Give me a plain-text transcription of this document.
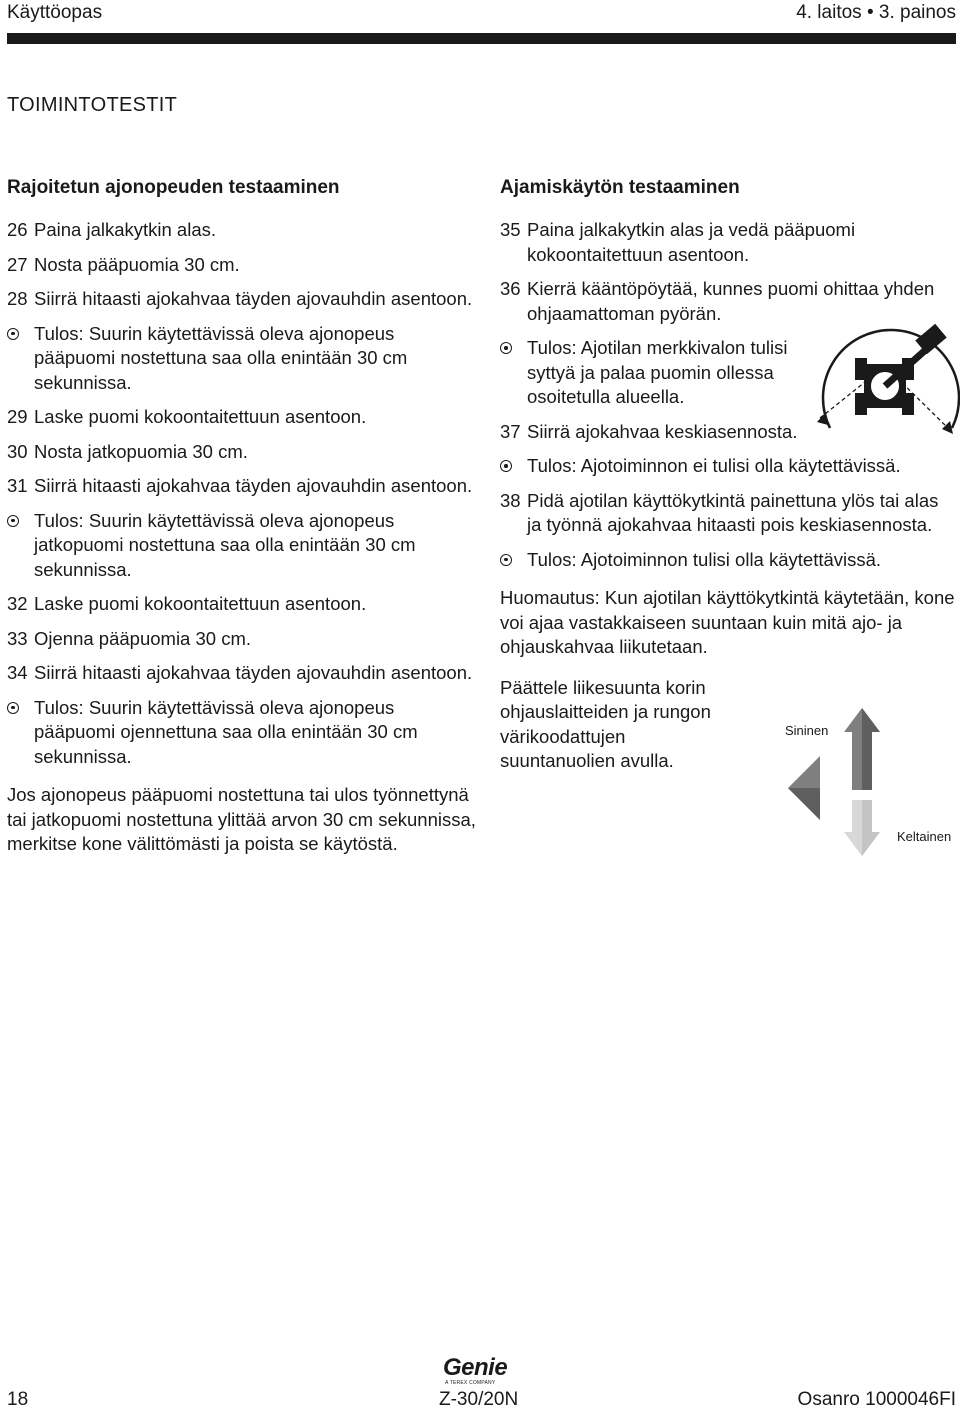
Käyttöopas	4. laitos • 3. painos
TOIMINTOTESTIT
Rajoitetun ajonopeuden testaaminen
26 Paina jalkakytkin alas.
27 Nosta pääpuomia 30 cm.
28 Siirrä hitaasti ajokahvaa täyden ajovauhdin asentoon.
Tulos: Suurin käytettävissä oleva ajonopeus pääpuomi nostettuna saa olla enintään 30 cm sekunnissa.
29 Laske puomi kokoontaitettuun asentoon.
30 Nosta jatkopuomia 30 cm.
31 Siirrä hitaasti ajokahvaa täyden ajovauhdin asentoon.
Tulos: Suurin käytettävissä oleva ajonopeus jatkopuomi nostettuna saa olla enintään 30 cm sekunnissa.
32 Laske puomi kokoontaitettuun asentoon.
33 Ojenna pääpuomia 30 cm.
34 Siirrä hitaasti ajokahvaa täyden ajovauhdin asentoon.
Tulos: Suurin käytettävissä oleva ajonopeus pääpuomi ojennettuna saa olla enintään 30 cm sekunnissa.
Jos ajonopeus pääpuomi nostettuna tai ulos työnnettynä tai jatkopuomi nostettuna ylittää arvon 30 cm sekunnissa, merkitse kone välittömästi ja poista se käytöstä.
Ajamiskäytön testaaminen
35 Paina jalkakytkin alas ja vedä pääpuomi kokoontaitettuun asentoon.
36 Kierrä kääntöpöytää, kunnes puomi ohittaa yhden ohjaamattoman pyörän.
Tulos: Ajotilan merkkivalon tulisi syttyä ja palaa puomin ollessa osoitetulla alueella.
37 Siirrä ajokahvaa keskiasennosta.
Tulos: Ajotoiminnon ei tulisi olla käytettävissä.
38 Pidä ajotilan käyttökytkintä painettuna ylös tai alas ja työnnä ajokahvaa hitaasti pois keskiasennosta.
Tulos: Ajotoiminnon tulisi olla käytettävissä.
Huomautus: Kun ajotilan käyttökytkintä käytetään, kone voi ajaa vastakkaiseen suuntaan kuin mitä ajo- ja ohjauskahvaa liikutetaan.
Päättele liikesuunta korin ohjauslaitteiden ja rungon värikoodattujen suuntanuolien avulla.
Sininen
Keltainen
Genie
A TEREX COMPANY
18	Z-30/20N	Osanro 1000046FI
